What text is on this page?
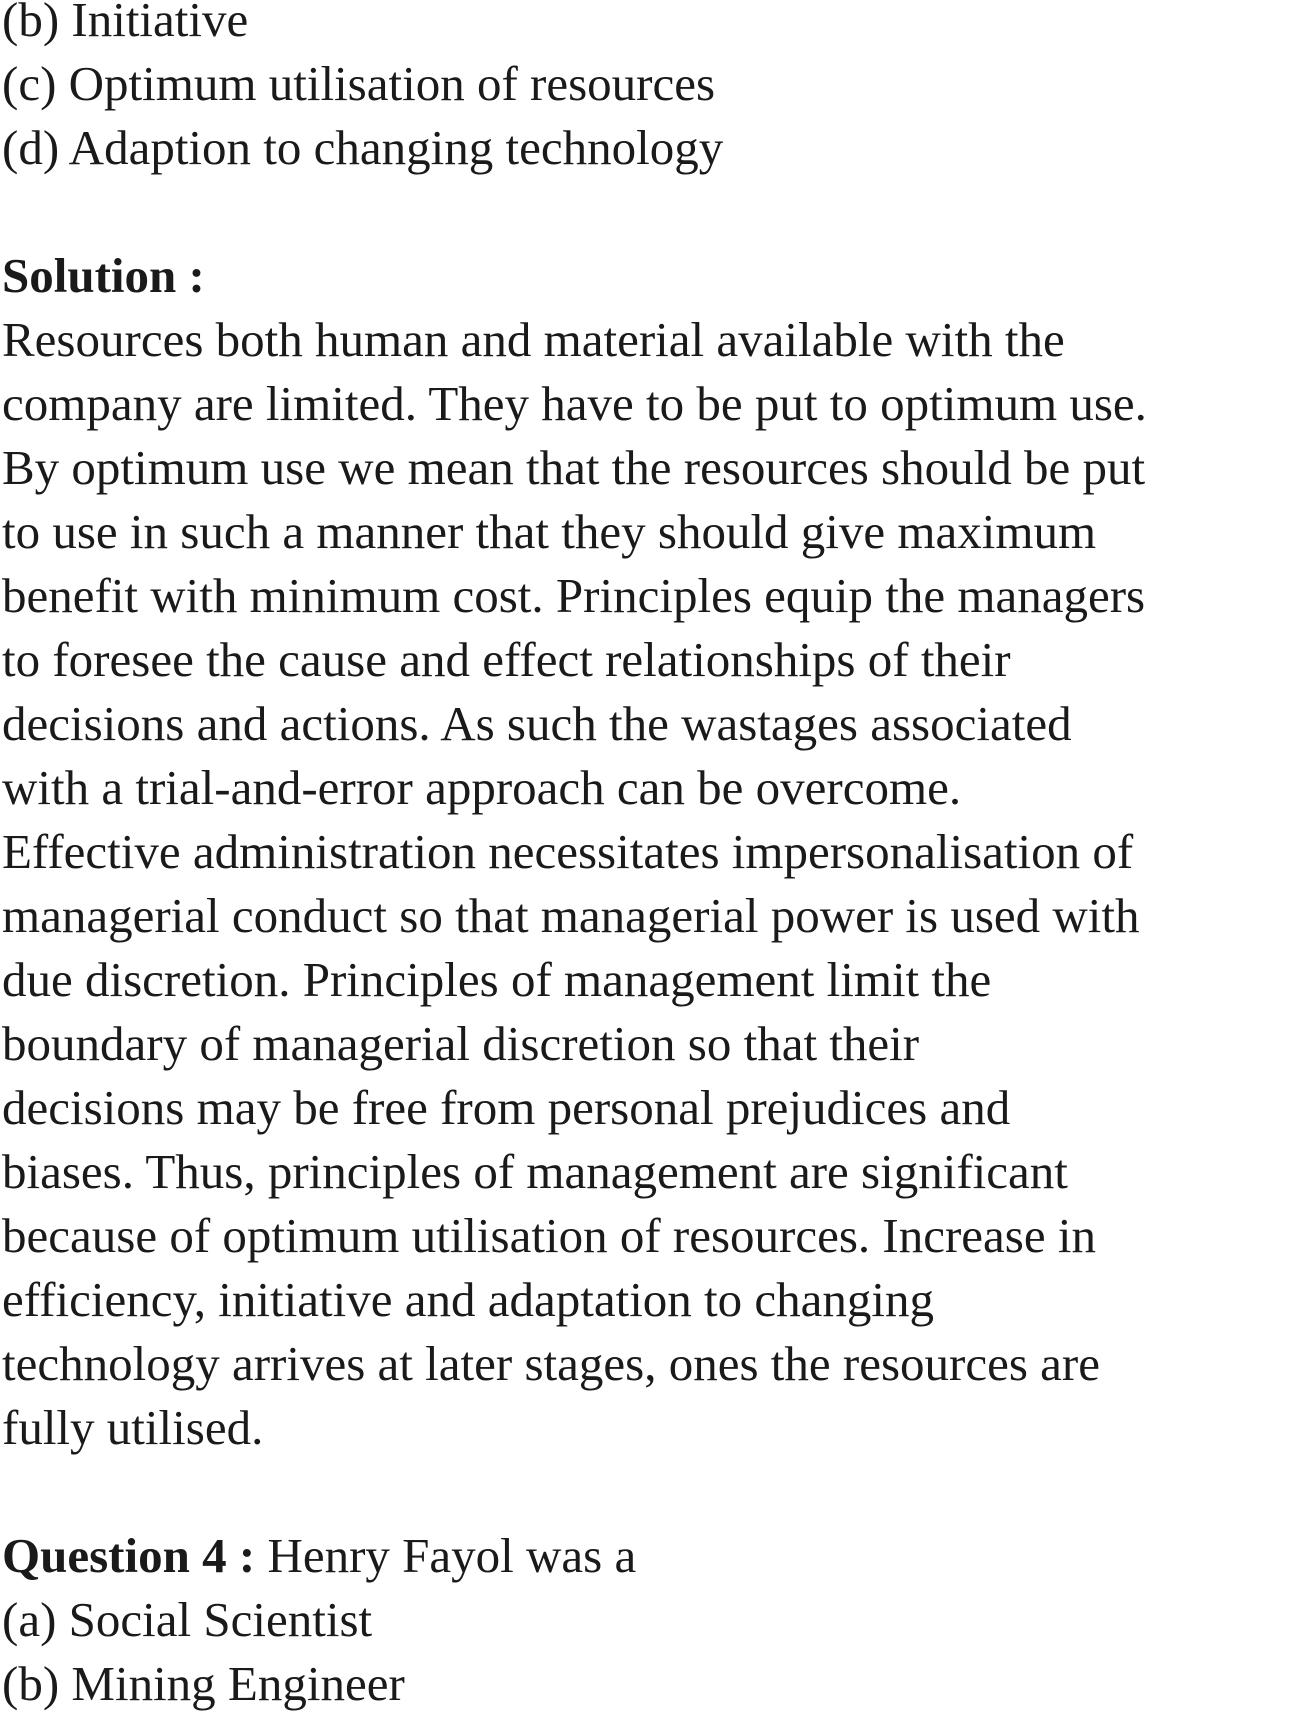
(b) Initiative
(c) Optimum utilisation of resources
(d) Adaption to changing technology
Solution :
Resources both human and material available with the
company are limited. They have to be put to optimum use.
By optimum use we mean that the resources should be put
to use in such a manner that they should give maximum
benefit with minimum cost. Principles equip the managers
to foresee the cause and effect relationships of their
decisions and actions. As such the wastages associated
with a trial-and-error approach can be overcome.
Effective administration necessitates impersonalisation of
managerial conduct so that managerial power is used with
due discretion. Principles of management limit the
boundary of managerial discretion so that their
decisions may be free from personal prejudices and
biases. Thus, principles of management are significant
because of optimum utilisation of resources. Increase in
efficiency, initiative and adaptation to changing
technology arrives at later stages, ones the resources are
fully utilised.
Question 4 : Henry Fayol was a
(a) Social Scientist
(b) Mining Engineer
